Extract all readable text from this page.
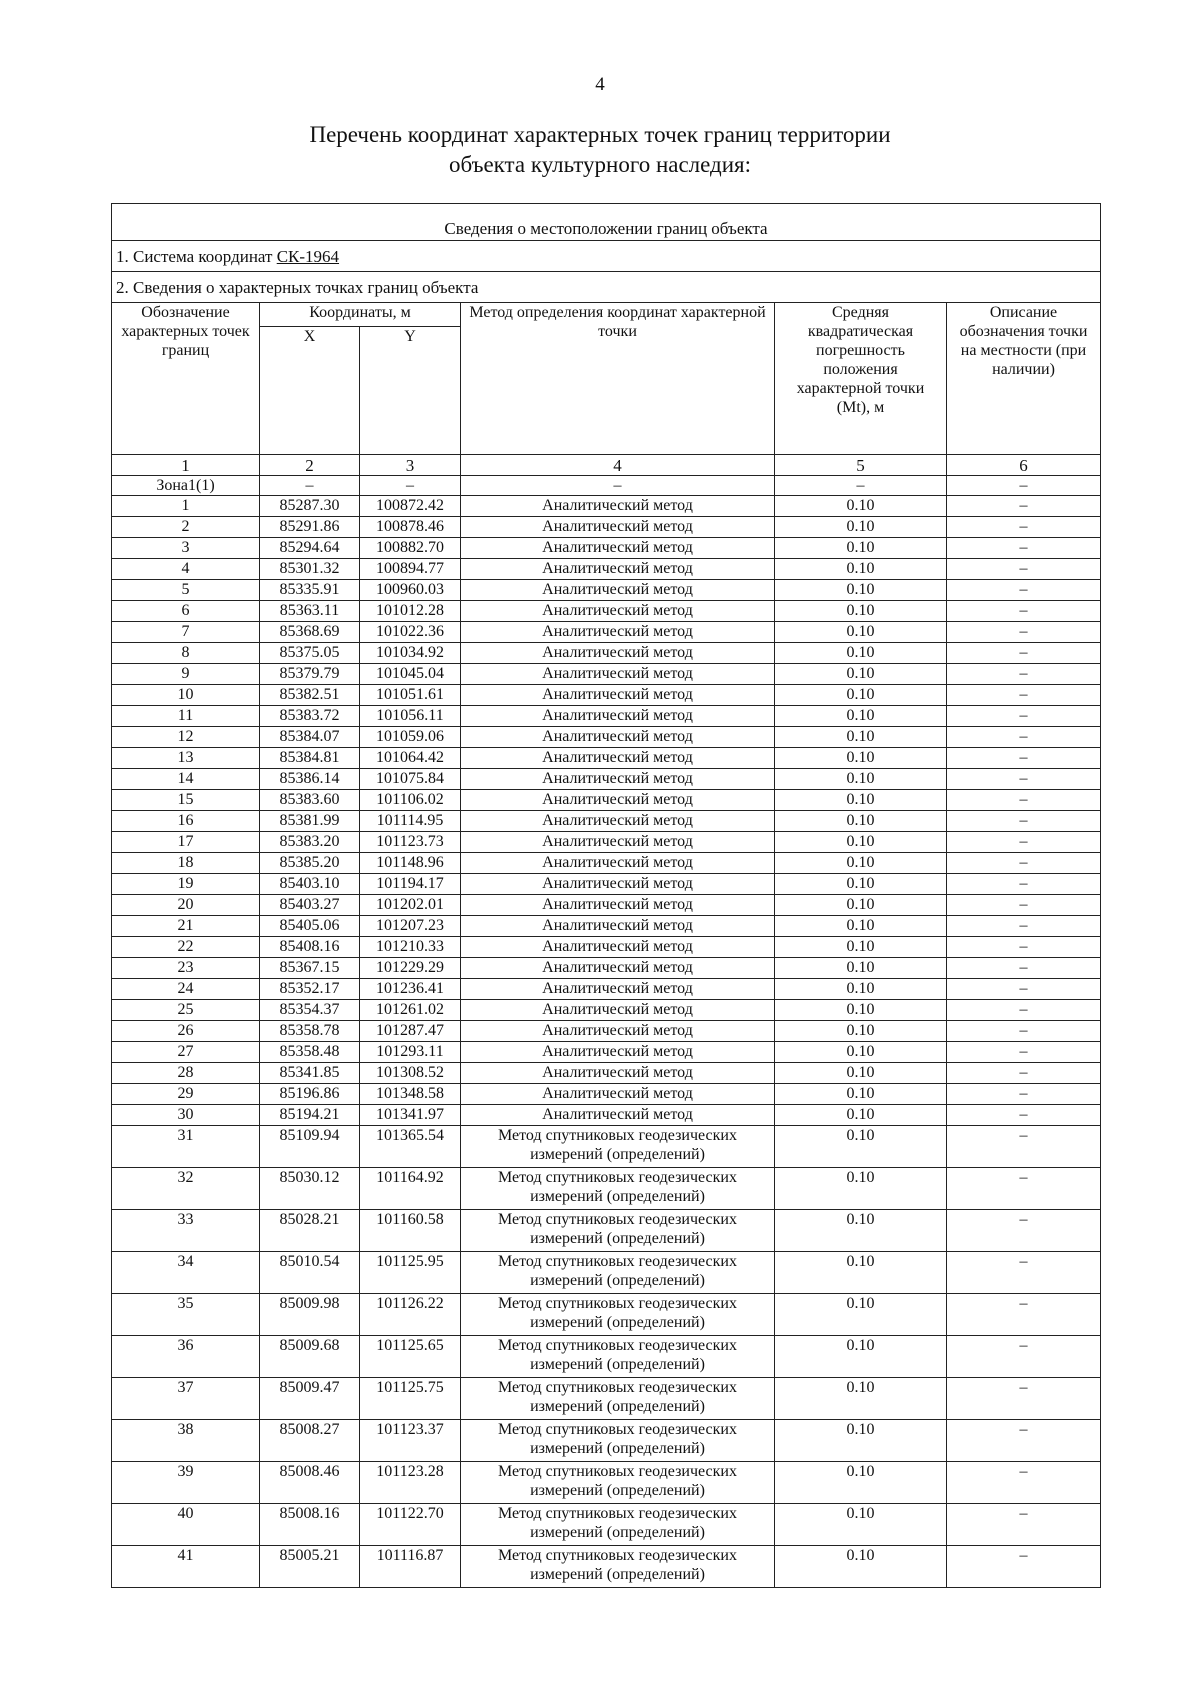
4
Перечень координат характерных точек границ территории
объекта культурного наследия:
Сведения о местоположении границ объекта					
1. Система координат СК-1964					
2. Сведения о характерных точках границ объекта					
Обозначение характерных точек границ	Координаты, м		Метод определения координат характерной точки	Средняя квадратическая погрешность положения характерной точки (Мt), м	Описание обозначения точки на местности (при наличии)
	X	Y			
1	2	3	4	5	6
Зона1(1)	–	–	–	–	–
1	85287.30	100872.42	Аналитический метод	0.10	–
2	85291.86	100878.46	Аналитический метод	0.10	–
3	85294.64	100882.70	Аналитический метод	0.10	–
4	85301.32	100894.77	Аналитический метод	0.10	–
5	85335.91	100960.03	Аналитический метод	0.10	–
6	85363.11	101012.28	Аналитический метод	0.10	–
7	85368.69	101022.36	Аналитический метод	0.10	–
8	85375.05	101034.92	Аналитический метод	0.10	–
9	85379.79	101045.04	Аналитический метод	0.10	–
10	85382.51	101051.61	Аналитический метод	0.10	–
11	85383.72	101056.11	Аналитический метод	0.10	–
12	85384.07	101059.06	Аналитический метод	0.10	–
13	85384.81	101064.42	Аналитический метод	0.10	–
14	85386.14	101075.84	Аналитический метод	0.10	–
15	85383.60	101106.02	Аналитический метод	0.10	–
16	85381.99	101114.95	Аналитический метод	0.10	–
17	85383.20	101123.73	Аналитический метод	0.10	–
18	85385.20	101148.96	Аналитический метод	0.10	–
19	85403.10	101194.17	Аналитический метод	0.10	–
20	85403.27	101202.01	Аналитический метод	0.10	–
21	85405.06	101207.23	Аналитический метод	0.10	–
22	85408.16	101210.33	Аналитический метод	0.10	–
23	85367.15	101229.29	Аналитический метод	0.10	–
24	85352.17	101236.41	Аналитический метод	0.10	–
25	85354.37	101261.02	Аналитический метод	0.10	–
26	85358.78	101287.47	Аналитический метод	0.10	–
27	85358.48	101293.11	Аналитический метод	0.10	–
28	85341.85	101308.52	Аналитический метод	0.10	–
29	85196.86	101348.58	Аналитический метод	0.10	–
30	85194.21	101341.97	Аналитический метод	0.10	–
31	85109.94	101365.54	Метод спутниковых геодезических измерений (определений)	0.10	–
32	85030.12	101164.92	Метод спутниковых геодезических измерений (определений)	0.10	–
33	85028.21	101160.58	Метод спутниковых геодезических измерений (определений)	0.10	–
34	85010.54	101125.95	Метод спутниковых геодезических измерений (определений)	0.10	–
35	85009.98	101126.22	Метод спутниковых геодезических измерений (определений)	0.10	–
36	85009.68	101125.65	Метод спутниковых геодезических измерений (определений)	0.10	–
37	85009.47	101125.75	Метод спутниковых геодезических измерений (определений)	0.10	–
38	85008.27	101123.37	Метод спутниковых геодезических измерений (определений)	0.10	–
39	85008.46	101123.28	Метод спутниковых геодезических измерений (определений)	0.10	–
40	85008.16	101122.70	Метод спутниковых геодезических измерений (определений)	0.10	–
41	85005.21	101116.87	Метод спутниковых геодезических измерений (определений)	0.10	–
